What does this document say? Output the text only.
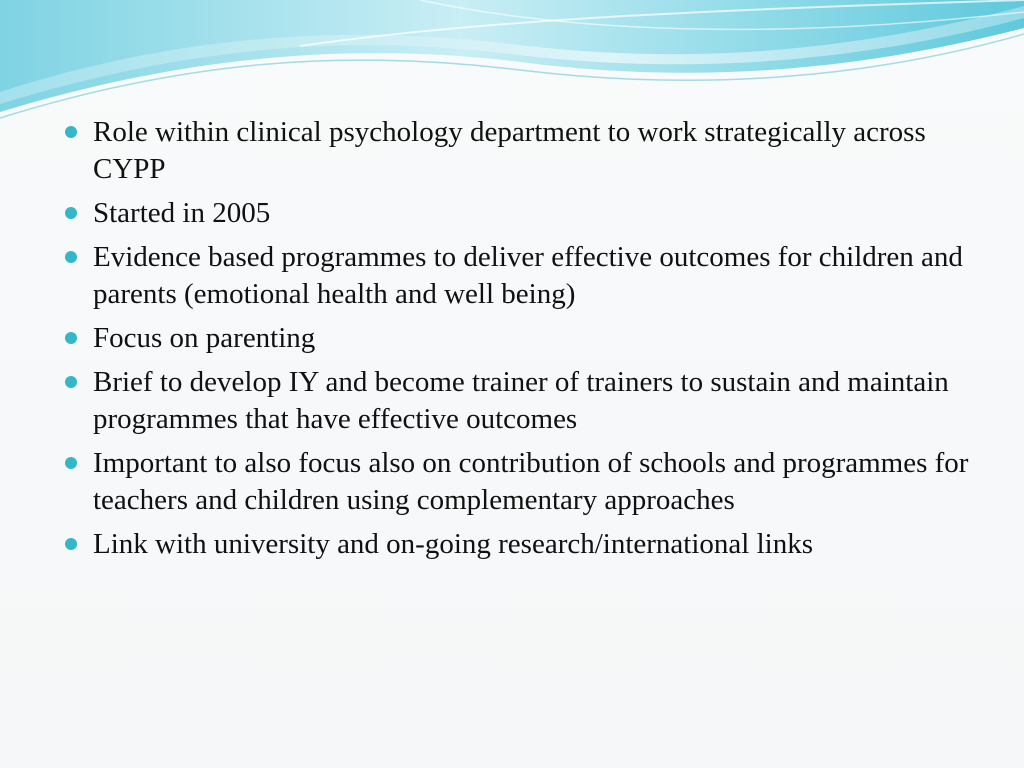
Role within clinical psychology department to work strategically across CYPP
Started in 2005
Evidence based programmes to deliver effective outcomes for children and parents (emotional health and well being)
Focus on parenting
Brief to develop IY and become trainer of trainers to sustain and maintain programmes that have effective outcomes
Important to also focus also on contribution of schools and programmes for teachers and children using complementary approaches
Link with university and on-going research/international links
